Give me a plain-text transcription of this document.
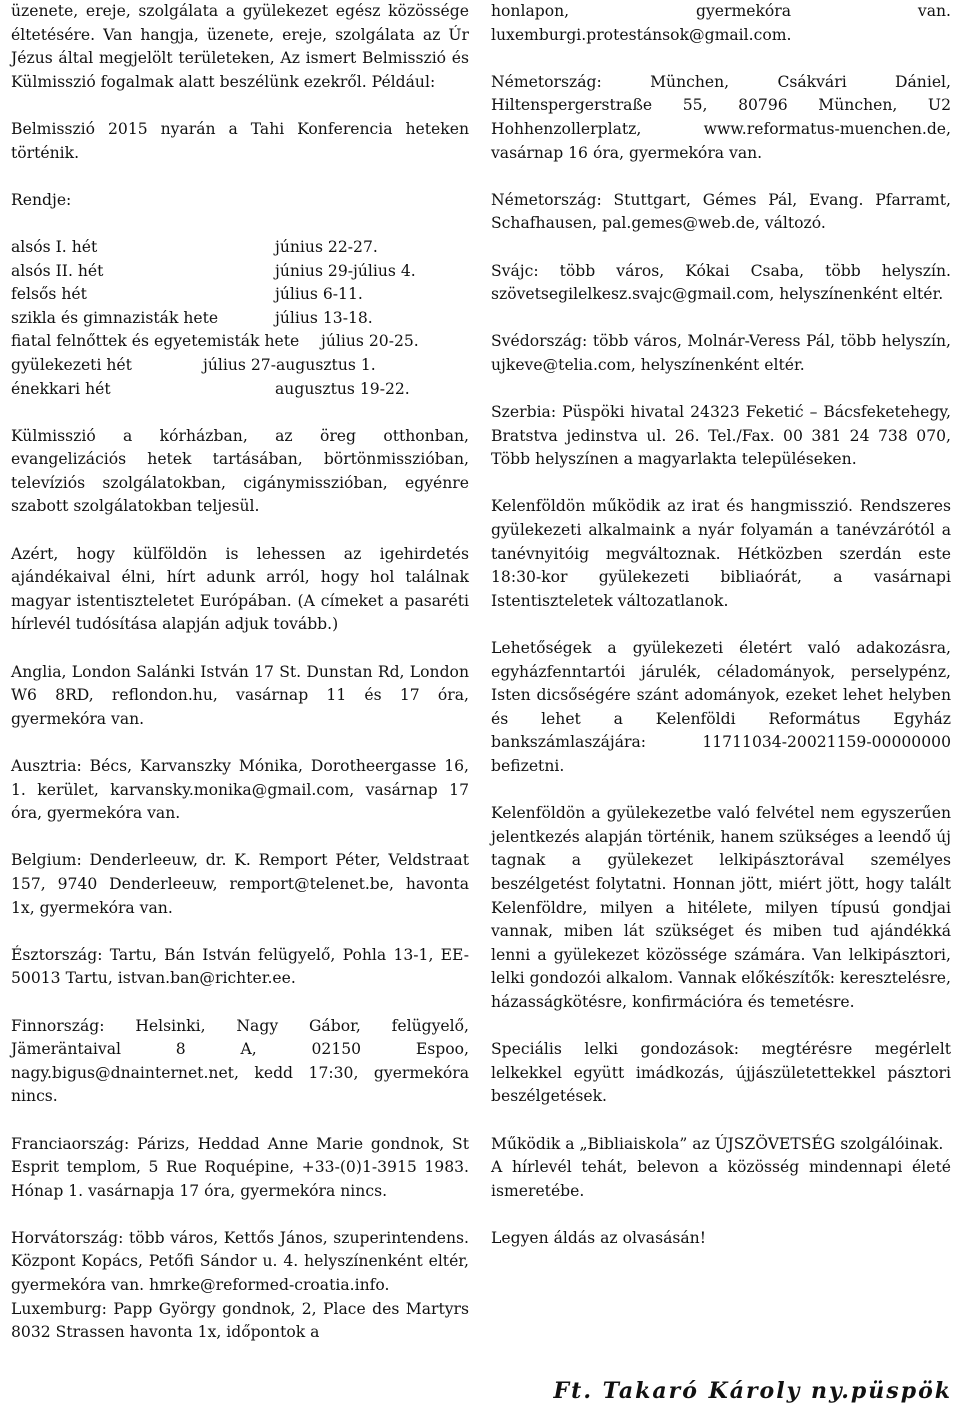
üzenete, ereje, szolgálata a gyülekezet egész közössége éltetésére. Van hangja, üzenete, ereje, szolgálata az Úr Jézus által megjelölt területeken, Az ismert Belmisszió és Külmisszió fogalmak alatt beszélünk ezekről. Például:

Belmisszió 2015 nyarán a Tahi Konferencia heteken történik.

Rendje:

alsós I. hét	június 22-27.
alsós II. hét	június 29-július 4.
felsős hét	július 6-11.
szikla és gimnazisták hete	július 13-18.
fiatal felnőttek és egyetemisták hete	július 20-25.
gyülekezeti hét	július 27-augusztus 1.
énekkari hét	augusztus 19-22.

Külmisszió a kórházban, az öreg otthonban, evangelizációs hetek tartásában, börtönmisszióban, televíziós szolgálatokban, cigánymisszióban, egyénre szabott szolgálatokban teljesül.

Azért, hogy külföldön is lehessen az igehirdetés ajándékaival élni, hírt adunk arról, hogy hol találnak magyar istentiszteletet Európában. (A címeket a pasaréti hírlevél tudósítása alapján adjuk tovább.)

Anglia, London Salánki István 17 St. Dunstan Rd, London W6 8RD, reflondon.hu, vasárnap 11 és 17 óra, gyermekóra van.

Ausztria: Bécs, Karvanszky Mónika, Dorotheergasse 16, 1. kerület, karvansky.monika@gmail.com, vasárnap 17 óra, gyermekóra van.

Belgium: Denderleeuw, dr. K. Remport Péter, Veldstraat 157, 9740 Denderleeuw, remport@telenet.be, havonta 1x, gyermekóra van.

Észtország: Tartu, Bán István felügyelő, Pohla 13-1, EE-50013 Tartu, istvan.ban@richter.ee.

Finnország: Helsinki, Nagy Gábor, felügyelő, Jämeräntaival 8 A, 02150 Espoo, nagy.bigus@dnainternet.net, kedd 17:30, gyermekóra nincs.

Franciaország: Párizs, Heddad Anne Marie gondnok, St Esprit templom, 5 Rue Roquépine, +33-(0)1-3915 1983. Hónap 1. vasárnapja 17 óra, gyermekóra nincs.

Horvátország: több város, Kettős János, szuperintendens. Központ Kopács, Petőfi Sándor u. 4. helyszínenként eltér, gyermekóra van. hmrke@reformed-croatia.info.

Luxemburg: Papp György gondnok, 2, Place des Martyrs 8032 Strassen havonta 1x, időpontok a

honlapon, gyermekóra van. luxemburgi.protestánsok@gmail.com.

Németország: München, Csákvári Dániel, Hiltenspergerstraße 55, 80796 München, U2 Hohhenzollerplatz, www.reformatus-muenchen.de, vasárnap 16 óra, gyermekóra van.

Németország: Stuttgart, Gémes Pál, Evang. Pfarramt, Schafhausen, pal.gemes@web.de, változó.

Svájc: több város, Kókai Csaba, több helyszín. szövetsegilelkesz.svajc@gmail.com, helyszínenként eltér.

Svédország: több város, Molnár-Veress Pál, több helyszín, ujkeve@telia.com, helyszínenként eltér.

Szerbia: Püspöki hivatal 24323 Feketić – Bácsfeketehegy, Bratstva jedinstva ul. 26. Tel./Fax. 00 381 24 738 070, Több helyszínen a magyarlakta településeken.

Kelenföldön működik az irat és hangmisszió. Rendszeres gyülekezeti alkalmaink a nyár folyamán a tanévzárótól a tanévnyitóig megváltoznak. Hétközben szerdán este 18:30-kor gyülekezeti bibliaórát, a vasárnapi Istentiszteletek változatlanok.

Lehetőségek a gyülekezeti életért való adakozásra, egyházfenntartói járulék, céladományok, perselypénz, Isten dicsőségére szánt adományok, ezeket lehet helyben és lehet a Kelenföldi Református Egyház bankszámlaszájára: 11711034-20021159-00000000 befizetni.

Kelenföldön a gyülekezetbe való felvétel nem egyszerűen jelentkezés alapján történik, hanem szükséges a leendő új tagnak a gyülekezet lelkipásztorával személyes beszélgetést folytatni. Honnan jött, miért jött, hogy talált Kelenföldre, milyen a hitélete, milyen típusú gondjai vannak, miben lát szükséget és miben tud ajándékká lenni a gyülekezet közössége számára. Van lelkipásztori, lelki gondozói alkalom. Vannak előkészítők: keresztelésre, házasságkötésre, konfirmációra és temetésre.

Speciális lelki gondozások: megtérésre megérlelt lelkekkel együtt imádkozás, újjászületettekkel pásztori beszélgetések.

Működik a „Bibliaiskola” az ÚJSZÖVETSÉG szolgálóinak.

A hírlevél tehát, belevon a közösség mindennapi életé ismeretébe.

Legyen áldás az olvasásán!

Ft. Takaró Károly ny.püspök
